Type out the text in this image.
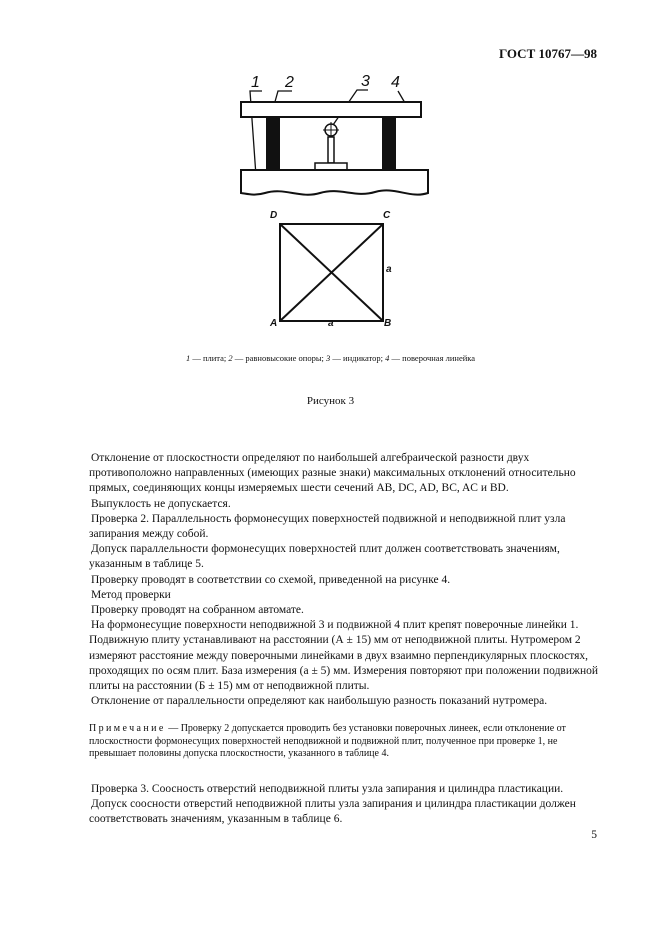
ГОСТ 10767—98
1 2	3 4
D	C
A	B
a
a
1 — плита; 2 — равновысокие опоры; 3 — индикатор; 4 — поверочная линейка
Рисунок 3

Отклонение от плоскостности определяют по наибольшей алгебраической разности двух противоположно направленных (имеющих разные знаки) максимальных отклонений относительно прямых, соединяющих концы измеряемых шести сечений AB, DC, AD, BC, AC и BD.

Выпуклость не допускается.

Проверка 2. Параллельность формонесущих поверхностей подвижной и неподвижной плит узла запирания между собой.

Допуск параллельности формонесущих поверхностей плит должен соответствовать значениям, указанным в таблице 5.

Проверку проводят в соответствии со схемой, приведенной на рисунке 4.

Метод проверки

Проверку проводят на собранном автомате.

На формонесущие поверхности неподвижной 3 и подвижной 4 плит крепят поверочные линейки 1. Подвижную плиту устанавливают на расстоянии (А ± 15) мм от неподвижной плиты. Нутромером 2 измеряют расстояние между поверочными линейками в двух взаимно перпендикулярных плоскостях, проходящих по осям плит. База измерения (a ± 5) мм. Измерения повторяют при положении подвижной плиты на расстоянии (Б ± 15) мм от неподвижной плиты.

Отклонение от параллельности определяют как наибольшую разность показаний нутромера.

Примечание — Проверку 2 допускается проводить без установки поверочных линеек, если отклонение от плоскостности формонесущих поверхностей неподвижной и подвижной плит, полученное при проверке 1, не превышает половины допуска плоскостности, указанного в таблице 4.

Проверка 3. Соосность отверстий неподвижной плиты узла запирания и цилиндра пластикации.

Допуск соосности отверстий неподвижной плиты узла запирания и цилиндра пластикации должен соответствовать значениям, указанным в таблице 6.

5
